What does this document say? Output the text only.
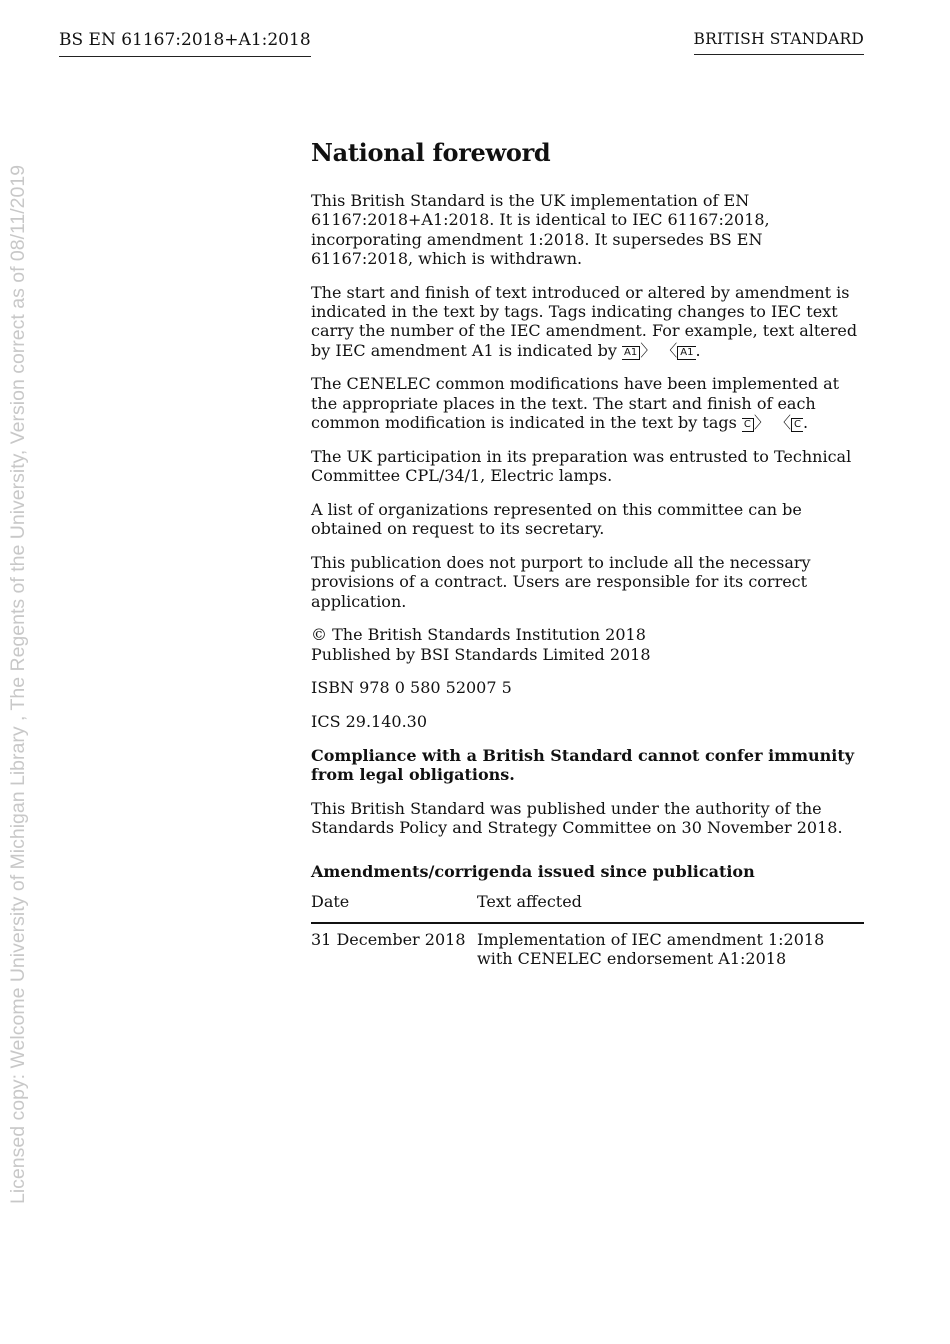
BS EN 61167:2018+A1:2018	BRITISH STANDARD
Licensed copy: Welcome University of Michigan Library , The Regents of the University, Version correct as of 08/11/2019
National foreword
This British Standard is the UK implementation of EN 61167:2018+A1:2018. It is identical to IEC 61167:2018, incorporating amendment 1:2018. It supersedes BS EN 61167:2018, which is withdrawn.
The start and finish of text introduced or altered by amendment is indicated in the text by tags. Tags indicating changes to IEC text carry the number of the IEC amendment. For example, text altered by IEC amendment A1 is indicated by A1 〉 〈 A1 .
The CENELEC common modifications have been implemented at the appropriate places in the text. The start and finish of each common modification is indicated in the text by tags C 〉 〈 C .
The UK participation in its preparation was entrusted to Technical Committee CPL/34/1, Electric lamps.
A list of organizations represented on this committee can be obtained on request to its secretary.
This publication does not purport to include all the necessary provisions of a contract. Users are responsible for its correct application.
© The British Standards Institution 2018
Published by BSI Standards Limited 2018
ISBN 978 0 580 52007 5
ICS 29.140.30
Compliance with a British Standard cannot confer immunity from legal obligations.
This British Standard was published under the authority of the Standards Policy and Strategy Committee on 30 November 2018.
Amendments/corrigenda issued since publication
Date	Text affected
31 December 2018 Implementation of IEC amendment 1:2018 with CENELEC endorsement A1:2018
